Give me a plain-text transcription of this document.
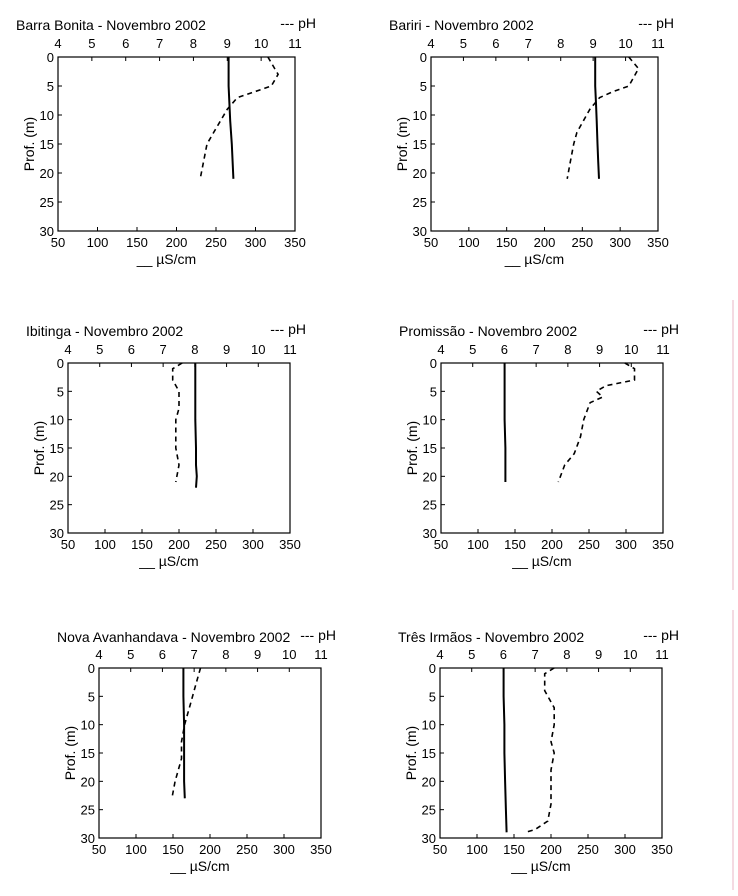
Barra Bonita - Novembro 2002	--- pH
4 5 6 7 8 9 10 11
50 100 150 200 250 300 350
0
5
10
15
20
25
30
Prof. (m)
__ µS/cm
Bariri - Novembro 2002	--- pH
4 5 6 7 8 9 10 11
50 100 150 200 250 300 350
0
5
10
15
20
25
30
Prof. (m)
__ µS/cm
Ibitinga - Novembro 2002	--- pH
4 5 6 7 8 9 10 11
50 100 150 200 250 300 350
0
5
10
15
20
25
30
Prof. (m)
__ µS/cm
Promissão - Novembro 2002	--- pH
4 5 6 7 8 9 10 11
50 100 150 200 250 300 350
0
5
10
15
20
25
30
Prof. (m)
__ µS/cm
Nova Avanhandava - Novembro 2002 --- pH
4 5 6 7 8 9 10 11
50 100 150 200 250 300 350
0
5
10
15
20
25
30
Prof. (m)
__ µS/cm
Três Irmãos - Novembro 2002	--- pH
4 5 6 7 8 9 10 11
50 100 150 200 250 300 350
0
5
10
15
20
25
30
Prof. (m)
__ µS/cm
